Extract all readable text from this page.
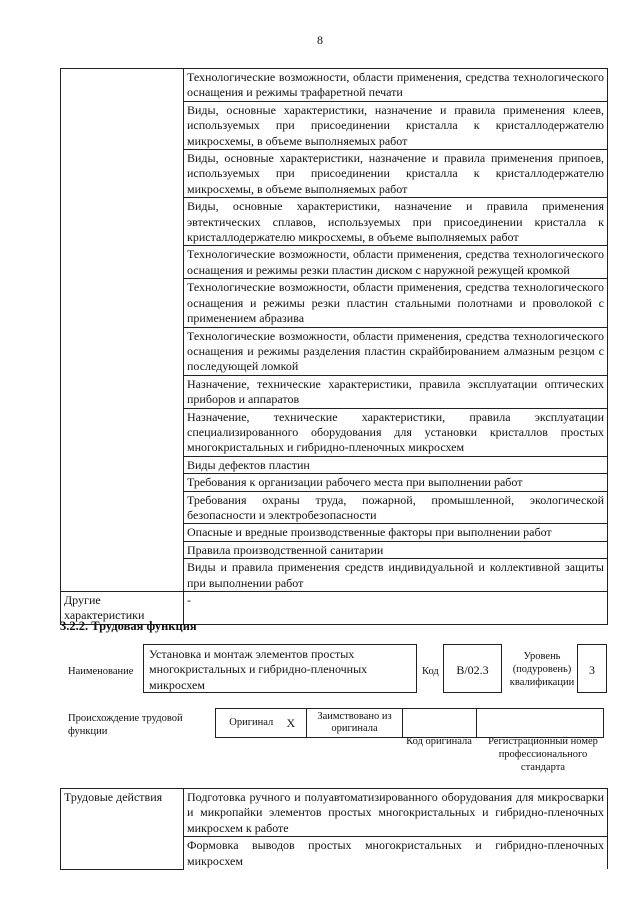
8
	Технологические возможности, области применения, средства технологического оснащения и режимы трафаретной печати
	Виды, основные характеристики, назначение и правила применения клеев, используемых при присоединении кристалла к кристаллодержателю микросхемы, в объеме выполняемых работ
	Виды, основные характеристики, назначение и правила применения припоев, используемых при присоединении кристалла к кристаллодержателю микросхемы, в объеме выполняемых работ
	Виды, основные характеристики, назначение и правила применения эвтектических сплавов, используемых при присоединении кристалла к кристаллодержателю микросхемы, в объеме выполняемых работ
	Технологические возможности, области применения, средства технологического оснащения и режимы резки пластин диском с наружной режущей кромкой
	Технологические возможности, области применения, средства технологического оснащения и режимы резки пластин стальными полотнами и проволокой с применением абразива
	Технологические возможности, области применения, средства технологического оснащения и режимы разделения пластин скрайбированием алмазным резцом с последующей ломкой
	Назначение, технические характеристики, правила эксплуатации оптических приборов и аппаратов
	Назначение, технические характеристики, правила эксплуатации специализированного оборудования для установки кристаллов простых многокристальных и гибридно-пленочных микросхем
	Виды дефектов пластин
	Требования к организации рабочего места при выполнении работ
	Требования охраны труда, пожарной, промышленной, экологической безопасности и электробезопасности
	Опасные и вредные производственные факторы при выполнении работ
	Правила производственной санитарии
	Виды и правила применения средств индивидуальной и коллективной защиты при выполнении работ
Другие характеристики	-
3.2.2. Трудовая функция
Наименование
Установка и монтаж элементов простых многокристальных и гибридно-пленочных микросхем
Код	B/02.3
Уровень (подуровень) квалификации
3
Происхождение трудовой функции
Оригинал	X	Заимствовано из оригинала		
Код оригинала	Регистрационный номер профессионального стандарта
Трудовые действия	Подготовка ручного и полуавтоматизированного оборудования для микросварки и микропайки элементов простых многокристальных и гибридно-пленочных микросхем к работе
Формовка выводов простых многокристальных и гибридно-пленочных микросхем
